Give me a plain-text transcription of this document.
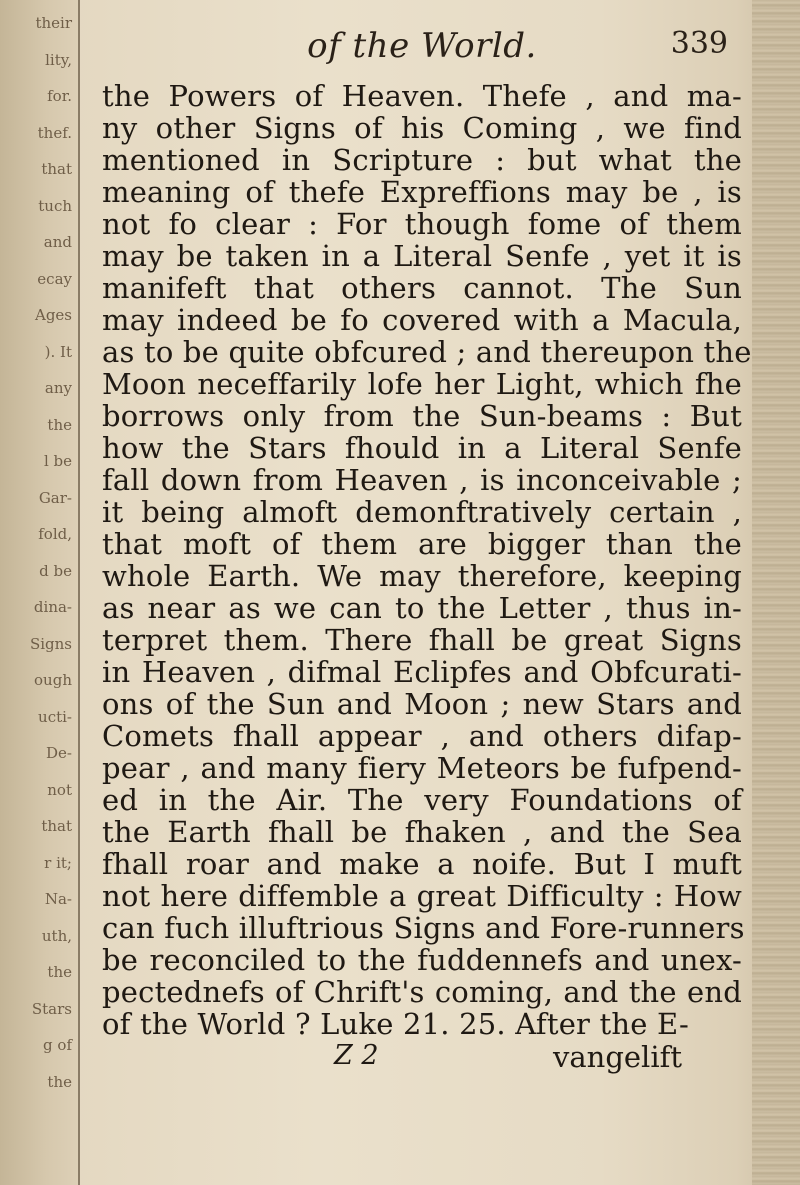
their
lity,
for.
thef.
that
tuch
and
ecay
Ages
). It
any
the
l be
Gar-
fold,
d be
dina-
Signs
ough
ucti-
De-
not
that
r it;
Na-
uth,
the
Stars
g of
the
of the World.	339
the Powers of Heaven. Thefe , and ma-
ny other Signs of his Coming , we find
mentioned in Scripture : but what the
meaning of thefe Expreffions may be , is
not fo clear : For though fome of them
may be taken in a Literal Senfe , yet it is
manifeft that others cannot. The Sun
may indeed be fo covered with a Macula,
as to be quite obfcured ; and thereupon the
Moon neceffarily lofe her Light, which fhe
borrows only from the Sun-beams : But
how the Stars fhould in a Literal Senfe
fall down from Heaven , is inconceivable ;
it being almoft demonftratively certain ,
that moft of them are bigger than the
whole Earth. We may therefore, keeping
as near as we can to the Letter , thus in-
terpret them. There fhall be great Signs
in Heaven , difmal Eclipfes and Obfcurati-
ons of the Sun and Moon ; new Stars and
Comets fhall appear , and others difap-
pear , and many fiery Meteors be fufpend-
ed in the Air. The very Foundations of
the Earth fhall be fhaken , and the Sea
fhall roar and make a noife. But I muft
not here diffemble a great Difficulty : How
can fuch illuftrious Signs and Fore-runners
be reconciled to the fuddennefs and unex-
pectednefs of Chrift's coming, and the end
of the World ? Luke 21. 25. After the E-
Z 2	vangelift
